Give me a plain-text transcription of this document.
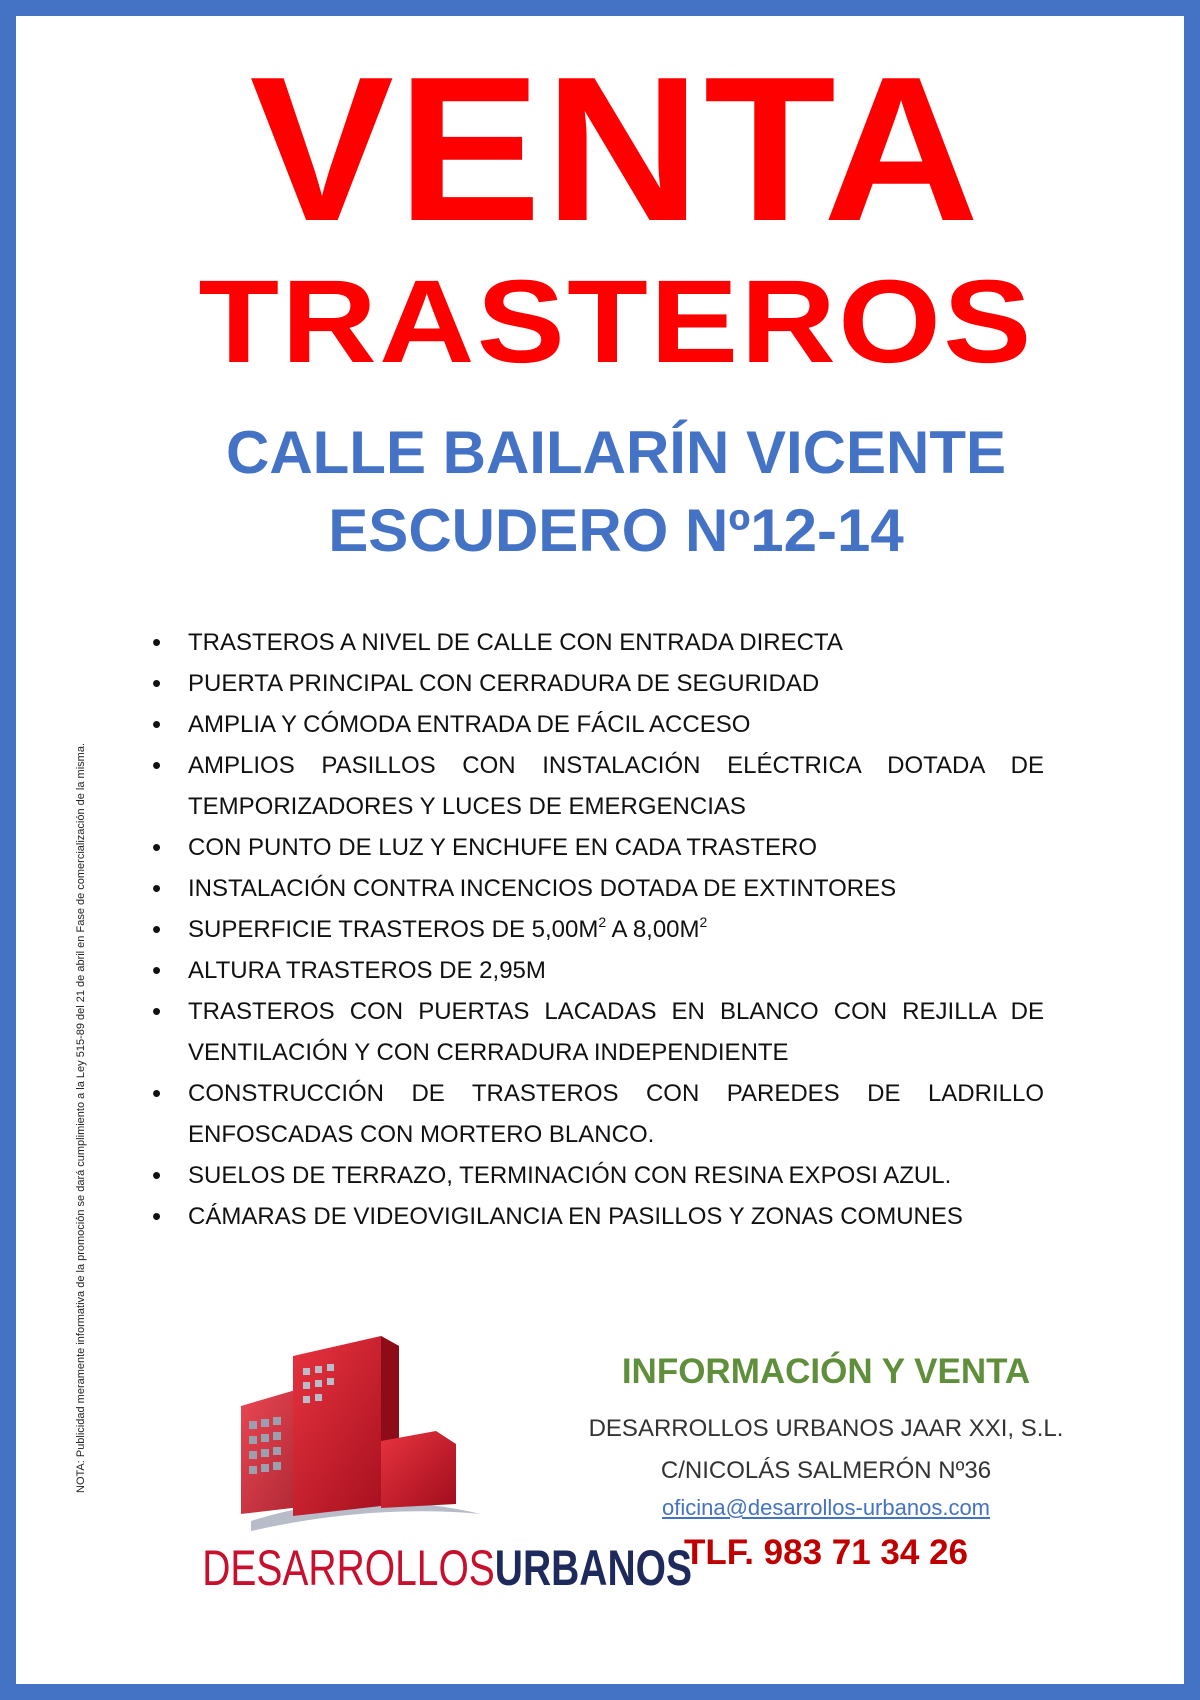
VENTA
TRASTEROS
CALLE BAILARÍN VICENTE
ESCUDERO Nº12-14
• TRASTEROS A NIVEL DE CALLE CON ENTRADA DIRECTA
• PUERTA PRINCIPAL CON CERRADURA DE SEGURIDAD
• AMPLIA Y CÓMODA ENTRADA DE FÁCIL ACCESO
• AMPLIOS PASILLOS CON INSTALACIÓN ELÉCTRICA DOTADA DE TEMPORIZADORES Y LUCES DE EMERGENCIAS
• CON PUNTO DE LUZ Y ENCHUFE EN CADA TRASTERO
• INSTALACIÓN CONTRA INCENCIOS DOTADA DE EXTINTORES
• SUPERFICIE TRASTEROS DE $5,00M^2$ A $8,00M^2$
• ALTURA TRASTEROS DE 2,95M
• TRASTEROS CON PUERTAS LACADAS EN BLANCO CON REJILLA DE VENTILACIÓN Y CON CERRADURA INDEPENDIENTE
• CONSTRUCCIÓN DE TRASTEROS CON PAREDES DE LADRILLO ENFOSCADAS CON MORTERO BLANCO.
• SUELOS DE TERRAZO, TERMINACIÓN CON RESINA EXPOSI AZUL.
• CÁMARAS DE VIDEOVIGILANCIA EN PASILLOS Y ZONAS COMUNES
NOTA: Publicidad meramente informativa de la promoción se dará cumplimiento a la Ley 515-89 del 21 de abril en Fase de comercialización de la misma.
DESARROLLOSURBANOS
INFORMACIÓN Y VENTA
DESARROLLOS URBANOS JAAR XXI, S.L.
C/NICOLÁS SALMERÓN Nº36
oficina@desarrollos-urbanos.com
TLF. 983 71 34 26
